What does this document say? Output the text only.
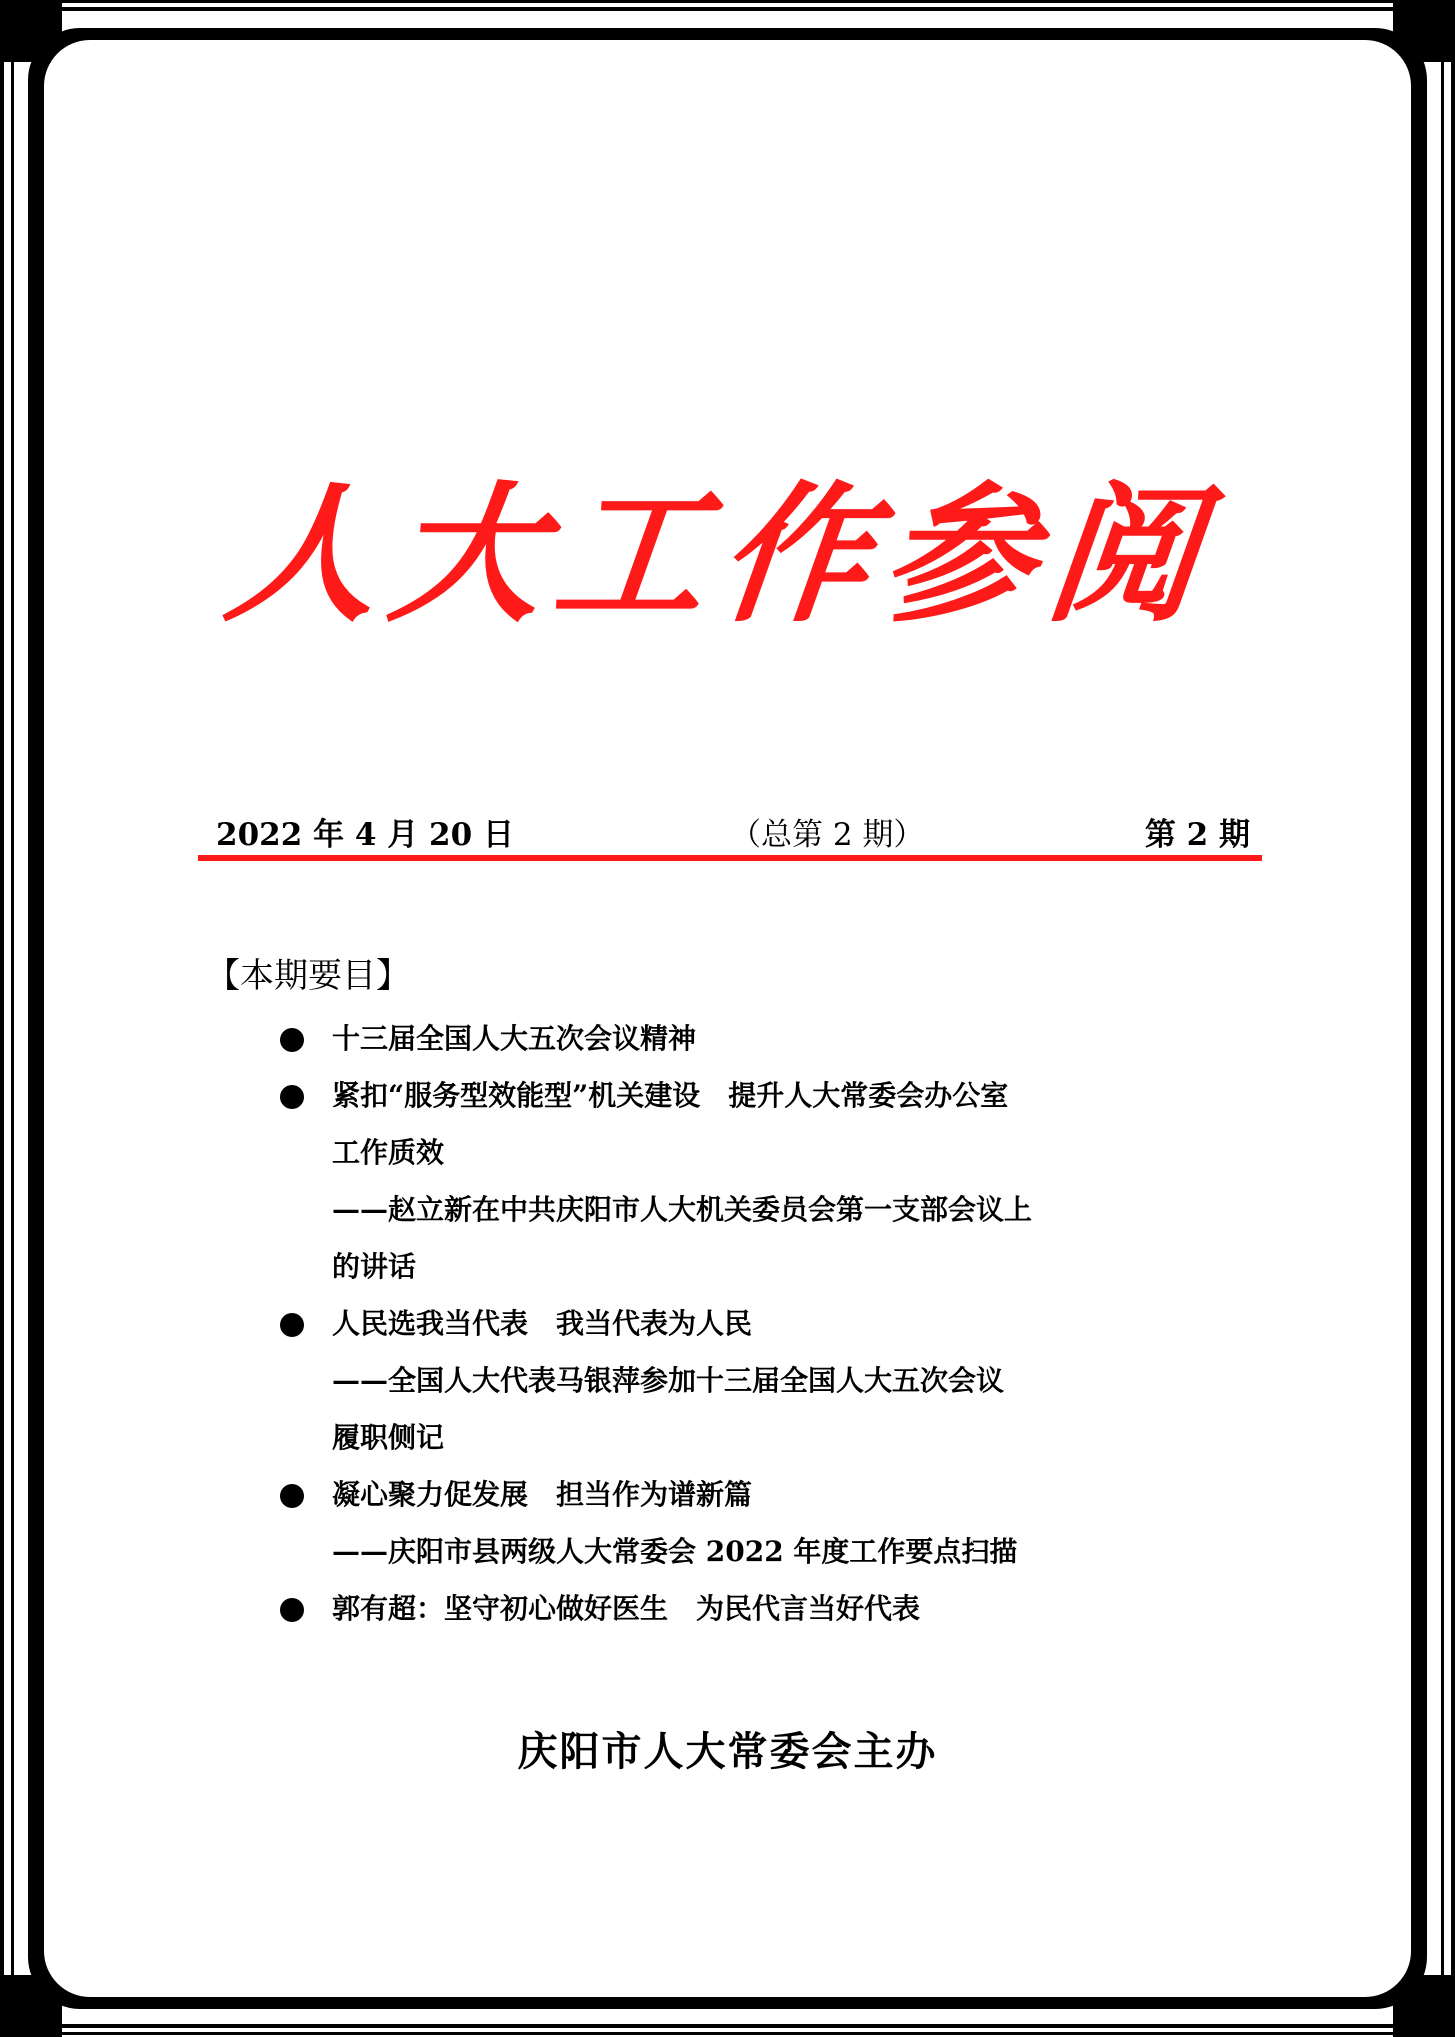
人大工作参阅
2022 年 4 月 20 日	（总第 2 期）	第 2 期
【本期要目】
十三届全国人大五次会议精神
紧扣“服务型效能型”机关建设　提升人大常委会办公室
工作质效
——赵立新在中共庆阳市人大机关委员会第一支部会议上
的讲话
人民选我当代表　我当代表为人民
——全国人大代表马银萍参加十三届全国人大五次会议
履职侧记
凝心聚力促发展　担当作为谱新篇
——庆阳市县两级人大常委会 2022 年度工作要点扫描
郭有超：坚守初心做好医生　为民代言当好代表
庆阳市人大常委会主办
